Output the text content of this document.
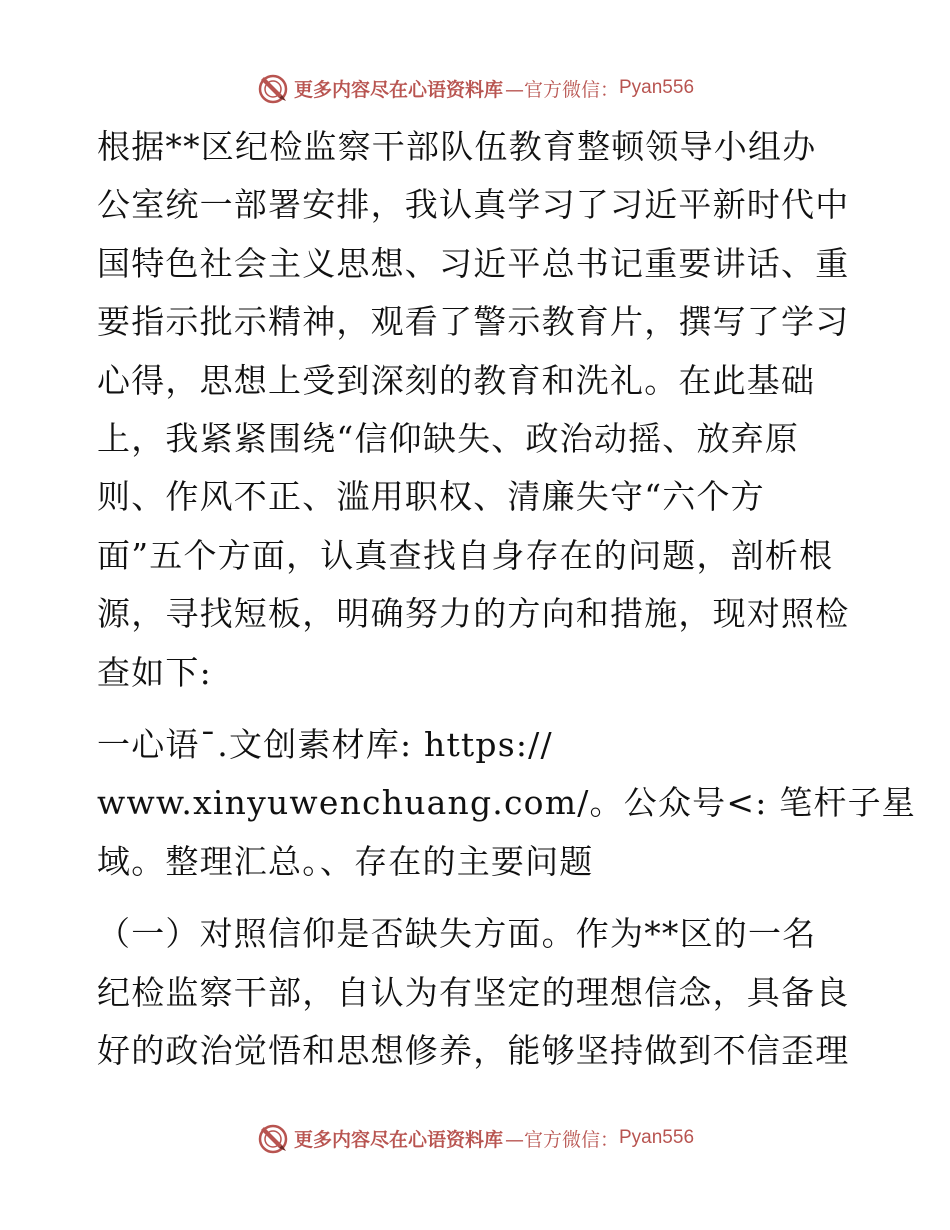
更多内容尽在心语资料库 —官方微信： Pyan556

根据**区纪检监察干部队伍教育整顿领导小组办
公室统一部署安排，我认真学习了习近平新时代中
国特色社会主义思想、习近平总书记重要讲话、重
要指示批示精神，观看了警示教育片，撰写了学习
心得，思想上受到深刻的教育和洗礼。在此基础
上，我紧紧围绕“信仰缺失、政治动摇、放弃原
则、作风不正、滥用职权、清廉失守“六个方
面”五个方面，认真查找自身存在的问题，剖析根
源，寻找短板，明确努力的方向和措施，现对照检
查如下:

一心语¯.文创素材库: https://
www.xinyuwenchuang.com/。公众号<: 笔杆子星
域。整理汇总。、存在的主要问题

（一）对照信仰是否缺失方面。作为**区的一名
纪检监察干部，自认为有坚定的理想信念，具备良
好的政治觉悟和思想修养，能够坚持做到不信歪理

更多内容尽在心语资料库 —官方微信： Pyan556
